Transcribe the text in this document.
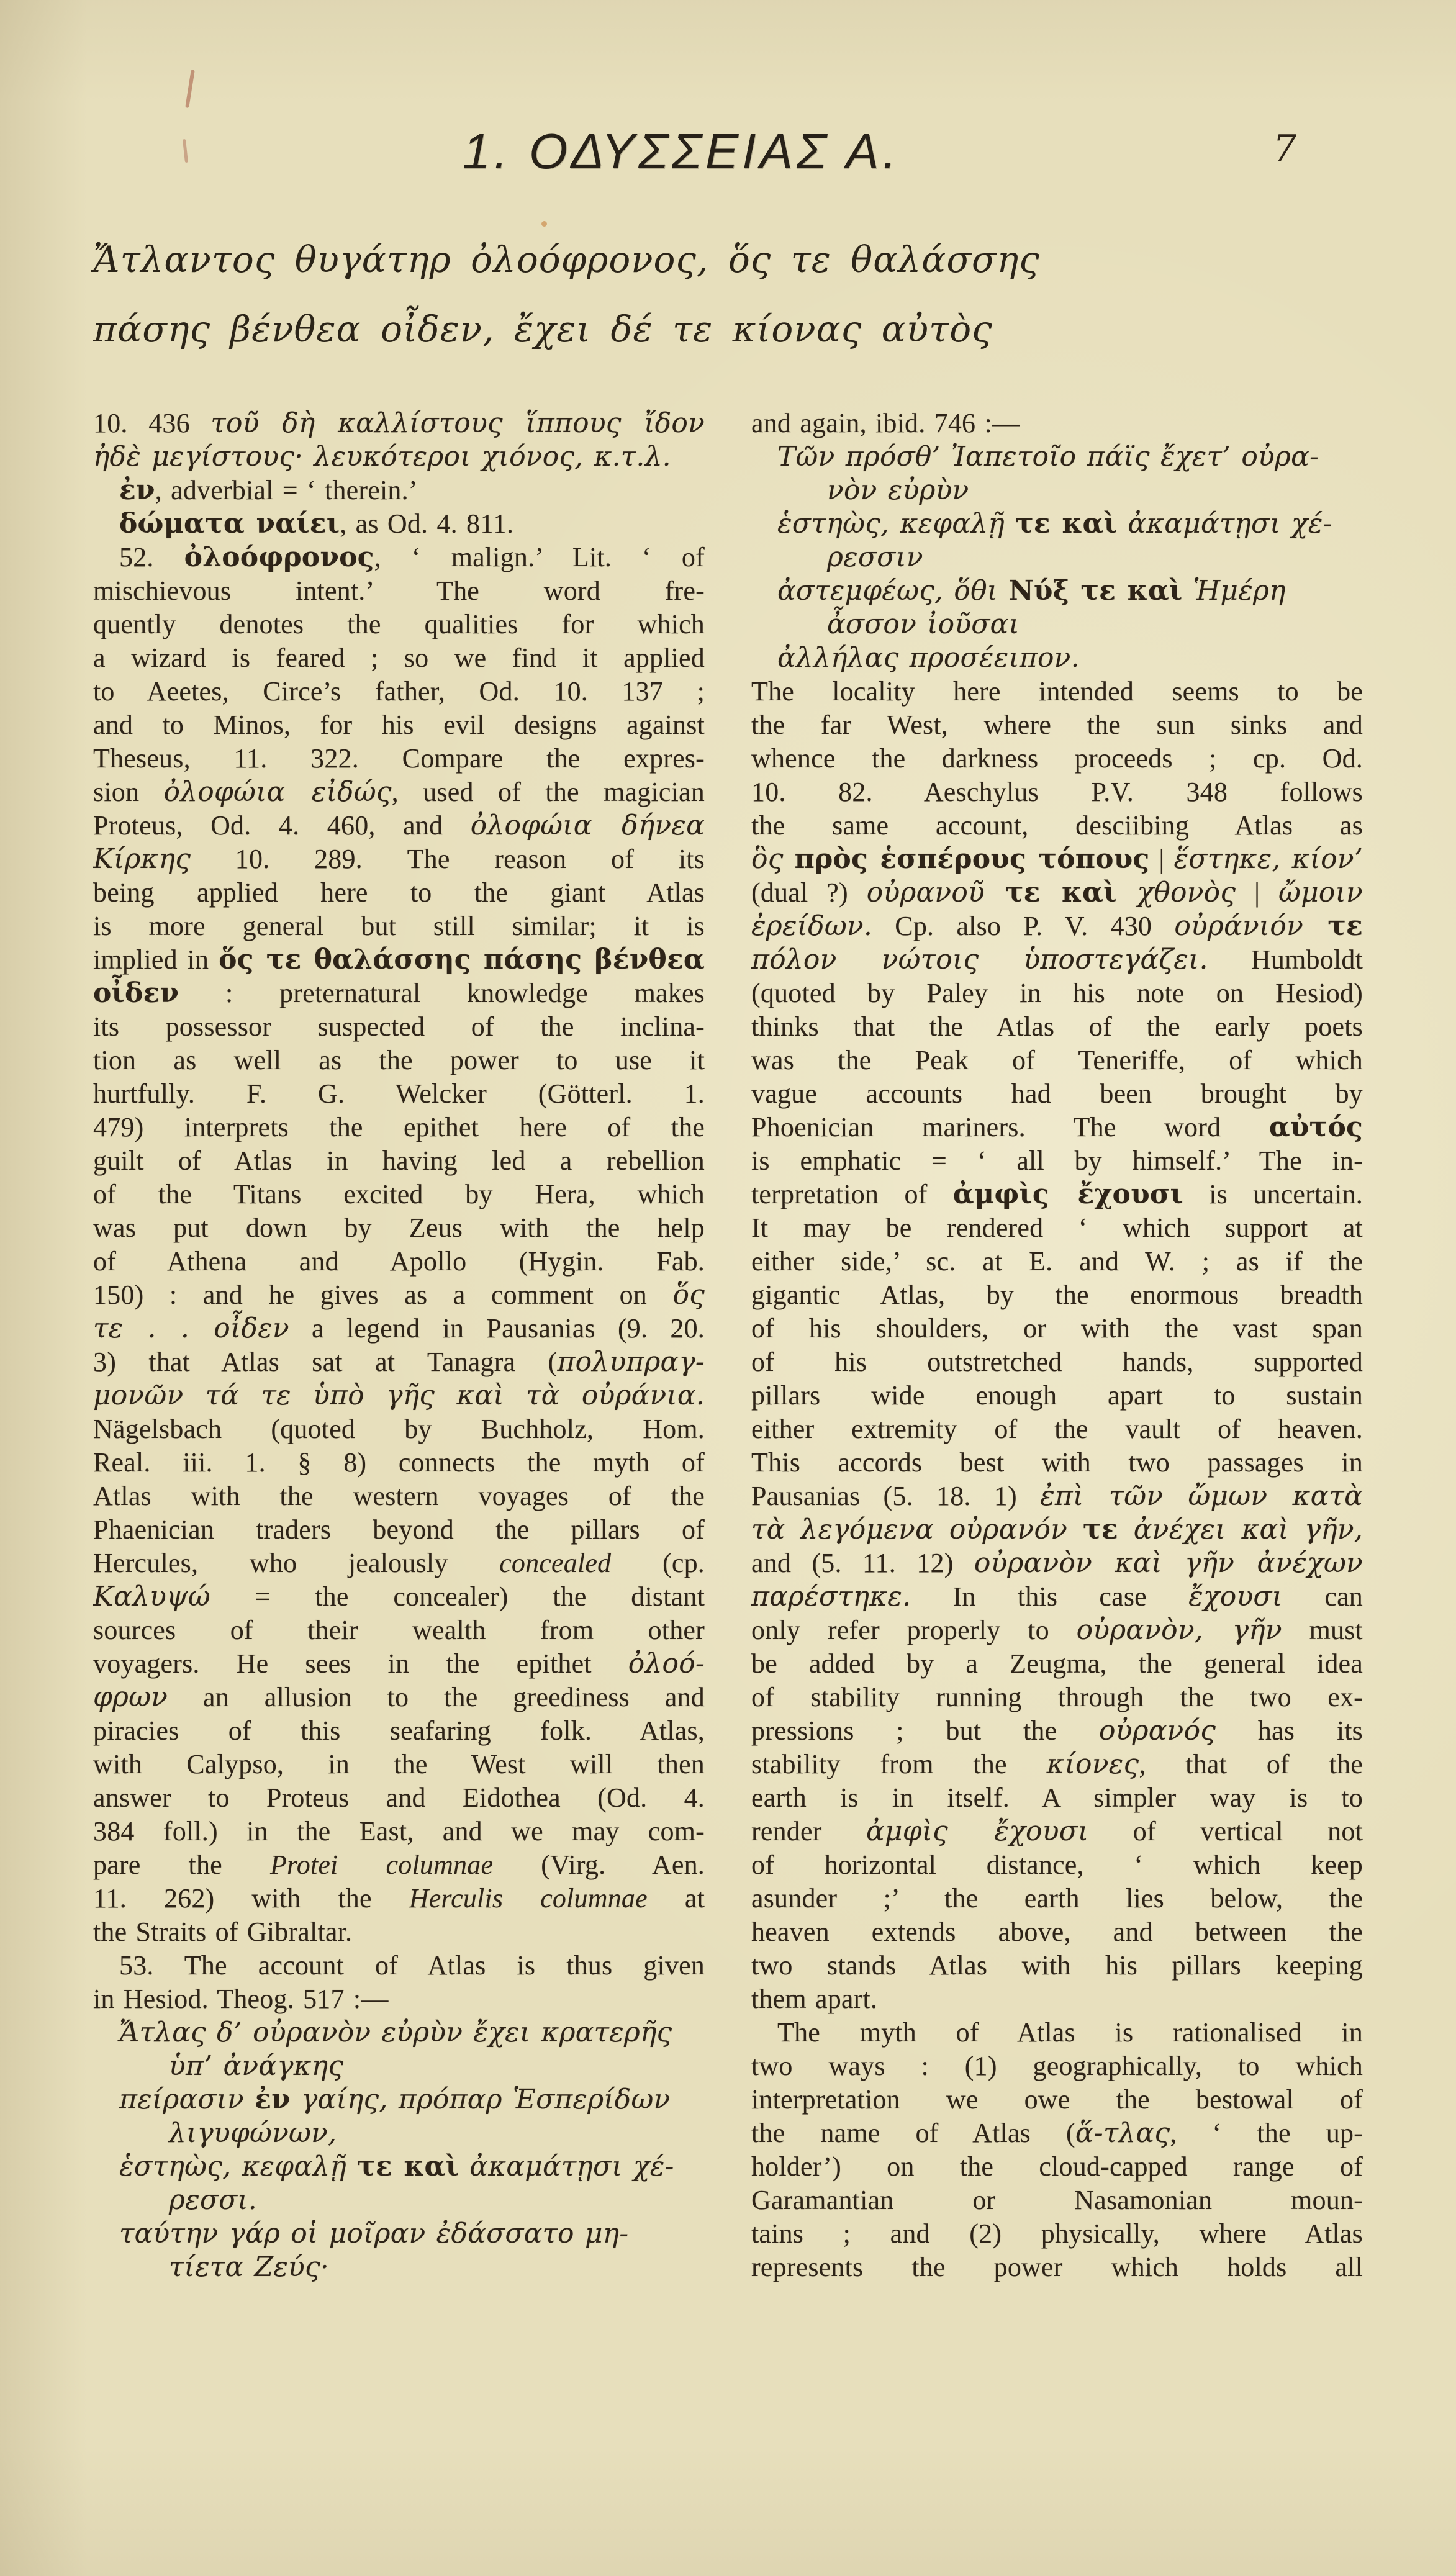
1. ΟΔΥΣΣΕΙΑΣ Α.	7
Ἄτλαντος θυγάτηρ ὀλοόφρονος, ὅς τε θαλάσσης
πάσης βένθεα οἶδεν, ἔχει δέ τε κίονας αὐτὸς
10. 436 τοῦ δὴ καλλίστους ἵππους ἴδον
ἠδὲ μεγίστους· λευκότεροι χιόνος, κ.τ.λ.
ἐν, adverbial = ‘ therein.’
δώματα ναίει, as Od. 4. 811.
52. ὀλοόφρονος, ‘ malign.’ Lit. ‘ of
mischievous intent.’ The word fre-
quently denotes the qualities for which
a wizard is feared ; so we find it applied
to Aeetes, Circe’s father, Od. 10. 137 ;
and to Minos, for his evil designs against
Theseus, 11. 322. Compare the expres-
sion ὀλοφώια εἰδώς, used of the magician
Proteus, Od. 4. 460, and ὀλοφώια δήνεα
Κίρκης 10. 289. The reason of its
being applied here to the giant Atlas
is more general but still similar; it is
implied in ὅς τε θαλάσσης πάσης βένθεα
οἶδεν : preternatural knowledge makes
its possessor suspected of the inclina-
tion as well as the power to use it
hurtfully. F. G. Welcker (Götterl. 1.
479) interprets the epithet here of the
guilt of Atlas in having led a rebellion
of the Titans excited by Hera, which
was put down by Zeus with the help
of Athena and Apollo (Hygin. Fab.
150) : and he gives as a comment on ὅς
τε . . οἶδεν a legend in Pausanias (9. 20.
3) that Atlas sat at Tanagra (πολυπραγ-
μονῶν τά τε ὑπὸ γῆς καὶ τὰ οὐράνια.
Nägelsbach (quoted by Buchholz, Hom.
Real. iii. 1. § 8) connects the myth of
Atlas with the western voyages of the
Phaenician traders beyond the pillars of
Hercules, who jealously concealed (cp.
Καλυψώ = the concealer) the distant
sources of their wealth from other
voyagers. He sees in the epithet ὀλοό-
φρων an allusion to the greediness and
piracies of this seafaring folk. Atlas,
with Calypso, in the West will then
answer to Proteus and Eidothea (Od. 4.
384 foll.) in the East, and we may com-
pare the Protei columnae (Virg. Aen.
11. 262) with the Herculis columnae at
the Straits of Gibraltar.
53. The account of Atlas is thus given
in Hesiod. Theog. 517 :—
Ἄτλας δ’ οὐρανὸν εὐρὺν ἔχει κρατερῆς
ὑπ’ ἀνάγκης
πείρασιν ἐν γαίης, πρόπαρ Ἑσπερίδων
λιγυφώνων,
ἑστηὼς, κεφαλῇ τε καὶ ἀκαμάτῃσι χέ-
ρεσσι.
ταύτην γάρ οἱ μοῖραν ἐδάσσατο μη-
τίετα Ζεύς·
and again, ibid. 746 :—
Τῶν πρόσθ’ Ἰαπετοῖο πάϊς ἔχετ’ οὐρα-
νὸν εὐρὺν
ἑστηὼς, κεφαλῇ τε καὶ ἀκαμάτῃσι χέ-
ρεσσιν
ἀστεμφέως, ὅθι Νύξ τε καὶ Ἡμέρη
ἆσσον ἰοῦσαι
ἀλλήλας προσέειπον.
The locality here intended seems to be
the far West, where the sun sinks and
whence the darkness proceeds ; cp. Od.
10. 82. Aeschylus P.V. 348 follows
the same account, desciibing Atlas as
ὃς πρὸς ἑσπέρους τόπους | ἕστηκε, κίον’
(dual ?) οὐρανοῦ τε καὶ χθονὸς | ὤμοιν
ἐρείδων. Cp. also P. V. 430 οὐράνιόν τε
πόλον νώτοις ὑποστεγάζει. Humboldt
(quoted by Paley in his note on Hesiod)
thinks that the Atlas of the early poets
was the Peak of Teneriffe, of which
vague accounts had been brought by
Phoenician mariners. The word αὐτός
is emphatic = ‘ all by himself.’ The in-
terpretation of ἀμφὶς ἔχουσι is uncertain.
It may be rendered ‘ which support at
either side,’ sc. at E. and W. ; as if the
gigantic Atlas, by the enormous breadth
of his shoulders, or with the vast span
of his outstretched hands, supported
pillars wide enough apart to sustain
either extremity of the vault of heaven.
This accords best with two passages in
Pausanias (5. 18. 1) ἐπὶ τῶν ὤμων κατὰ
τὰ λεγόμενα οὐρανόν τε ἀνέχει καὶ γῆν,
and (5. 11. 12) οὐρανὸν καὶ γῆν ἀνέχων
παρέστηκε. In this case ἔχουσι can
only refer properly to οὐρανὸν, γῆν must
be added by a Zeugma, the general idea
of stability running through the two ex-
pressions ; but the οὐρανός has its
stability from the κίονες, that of the
earth is in itself. A simpler way is to
render ἀμφὶς ἔχουσι of vertical not
of horizontal distance, ‘ which keep
asunder ;’ the earth lies below, the
heaven extends above, and between the
two stands Atlas with his pillars keeping
them apart.
The myth of Atlas is rationalised in
two ways : (1) geographically, to which
interpretation we owe the bestowal of
the name of Atlas (ἅ-τλας, ‘ the up-
holder’) on the cloud-capped range of
Garamantian or Nasamonian moun-
tains ; and (2) physically, where Atlas
represents the power which holds all
